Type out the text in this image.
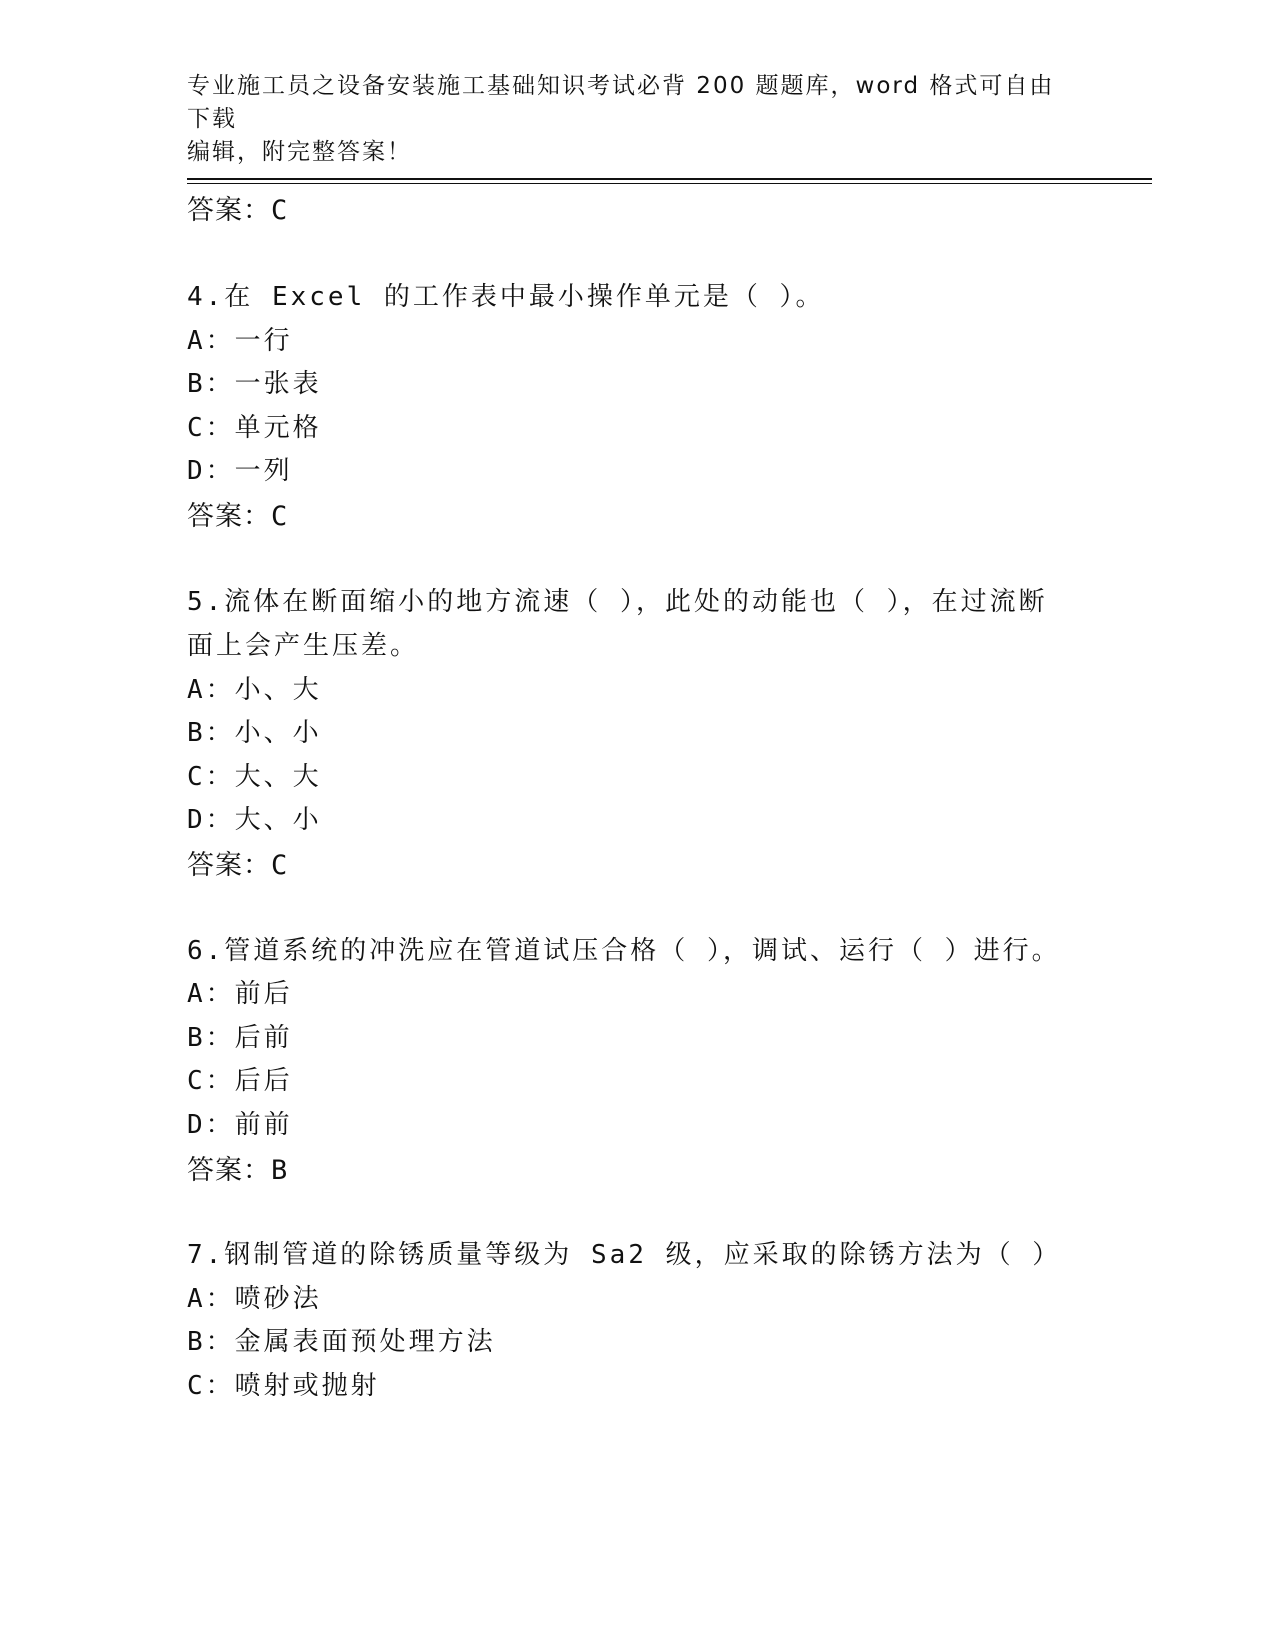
专业施工员之设备安装施工基础知识考试必背 200 题题库，word 格式可自由下载
编辑，附完整答案！
答案：C
4.在 Excel 的工作表中最小操作单元是（ ）。
A：一行
B：一张表
C：单元格
D：一列
答案：C
5.流体在断面缩小的地方流速（ ），此处的动能也（ ），在过流断
面上会产生压差。
A：小、大
B：小、小
C：大、大
D：大、小
答案：C
6.管道系统的冲洗应在管道试压合格（ ），调试、运行（ ）进行。
A：前后
B：后前
C：后后
D：前前
答案：B
7.钢制管道的除锈质量等级为 Sa2 级，应采取的除锈方法为（ ）
A：喷砂法
B：金属表面预处理方法
C：喷射或抛射
